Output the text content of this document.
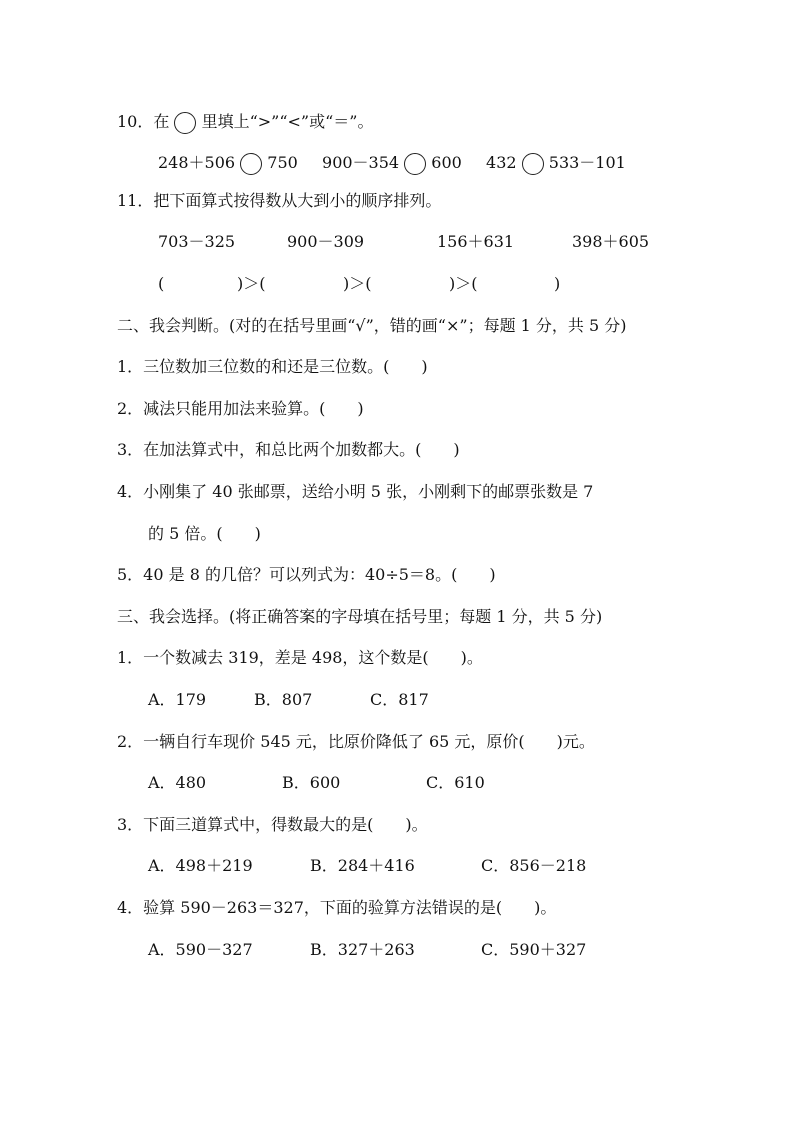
10．在 里填上“>”“<”或“＝”。
248＋506 750 900－354 600 432 533－101
11．把下面算式按得数从大到小的顺序排列。
703－325	900－309	156＋631	398＋605
(	)＞(	)＞(	)＞(	)
二、我会判断。(对的在括号里画“√”，错的画“×”；每题 1 分，共 5 分)
1．三位数加三位数的和还是三位数。(　　)
2．减法只能用加法来验算。(　　)
3．在加法算式中，和总比两个加数都大。(　　)
4．小刚集了 40 张邮票，送给小明 5 张，小刚剩下的邮票张数是 7
的 5 倍。(　　)
5．40 是 8 的几倍？可以列式为：40÷5＝8。(　　)
三、我会选择。(将正确答案的字母填在括号里；每题 1 分，共 5 分)
1．一个数减去 319，差是 498，这个数是(　　)。
A．179	B．807	C．817
2．一辆自行车现价 545 元，比原价降低了 65 元，原价(　　)元。
A．480	B．600	C．610
3．下面三道算式中，得数最大的是(　　)。
A．498＋219	B．284＋416	C．856－218
4．验算 590－263＝327，下面的验算方法错误的是(　　)。
A．590－327	B．327＋263	C．590＋327
